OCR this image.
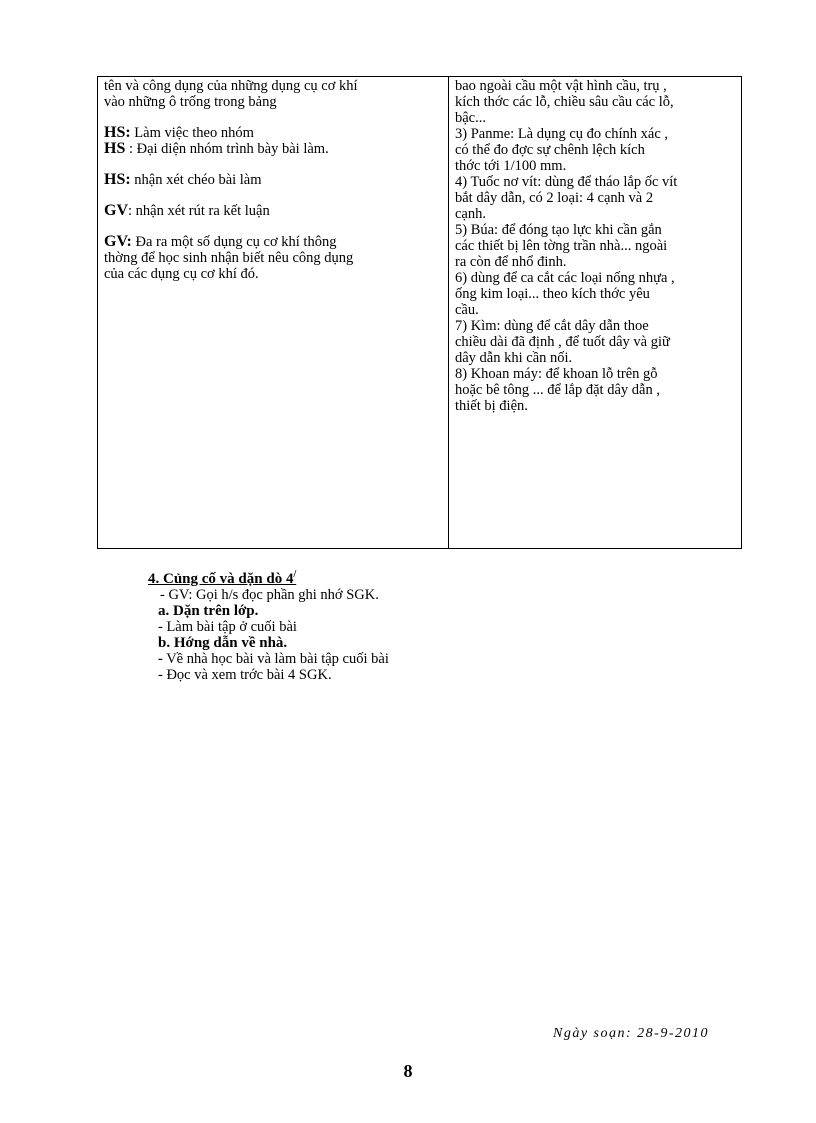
tên và công dụng của những dụng cụ cơ khí
vào những ô trống trong bảng
HS: Làm việc theo nhóm
HS : Đại diện nhóm trình bày bài làm.
HS: nhận xét chéo bài làm
GV: nhận xét rút ra kết luận
GV: Đa ra một số dụng cụ cơ khí thông
thờng để học sinh nhận biết nêu công dụng
của các dụng cụ cơ khí đó.
bao ngoài cầu một vật hình cầu, trụ ,
kích thớc các lỗ, chiều sâu cầu các lỗ,
bậc...
3) Panme: Là dụng cụ đo chính xác ,
có thể đo đợc sự chênh lệch kích
thớc tới 1/100 mm.
4) Tuốc nơ vít: dùng để tháo lắp ốc vít
bắt dây dẫn, có 2 loại: 4 cạnh và 2
cạnh.
5) Búa: để đóng tạo lực khi cần gắn
các thiết bị lên tờng trần nhà... ngoài
ra còn để nhổ đinh.
6) dùng để ca cắt các loại nống nhựa ,
ống kim loại... theo kích thớc yêu
cầu.
7) Kìm: dùng để cắt dây dẫn thoe
chiều dài đã định , để tuốt dây và giữ
dây dẫn khi cần nối.
8) Khoan máy: để khoan lỗ trên gỗ
hoặc bê tông ... để lắp đặt dây dẫn ,
thiết bị điện.
4. Củng cố và dặn dò 4/
- GV: Gọi h/s đọc phần ghi nhớ SGK.
a. Dặn trên lớp.
- Làm bài tập ở cuối bài
b. Hớng dẫn về nhà.
- Về nhà học bài và làm bài tập cuối bài
- Đọc và xem trớc bài 4 SGK.
Ngày soạn: 28-9-2010
8
